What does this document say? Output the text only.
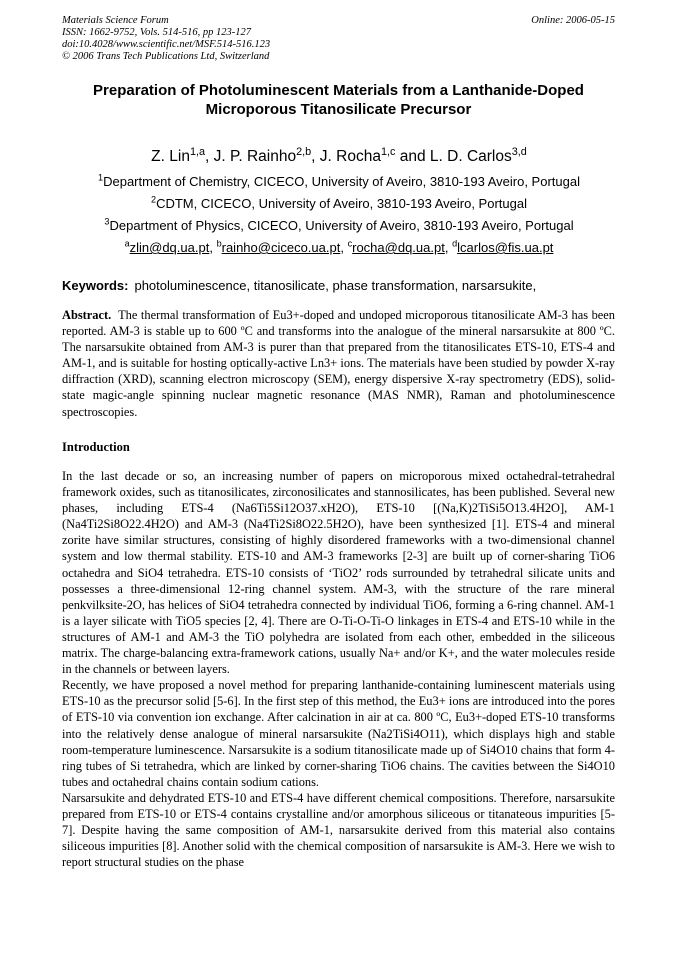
Materials Science Forum
ISSN: 1662-9752, Vols. 514-516, pp 123-127
doi:10.4028/www.scientific.net/MSF.514-516.123
© 2006 Trans Tech Publications Ltd, Switzerland
Online: 2006-05-15
Preparation of Photoluminescent Materials from a Lanthanide-Doped
Microporous Titanosilicate Precursor
Z. Lin$^{1,a}$, J. P. Rainho$^{2,b}$, J. Rocha$^{1,c}$ and L. D. Carlos$^{3,d}$
$^1$Department of Chemistry, CICECO, University of Aveiro, 3810-193 Aveiro, Portugal
$^2$CDTM, CICECO, University of Aveiro, 3810-193 Aveiro, Portugal
$^3$Department of Physics, CICECO, University of Aveiro, 3810-193 Aveiro, Portugal
$^a$zlin@dq.ua.pt, $^b$rainho@ciceco.ua.pt, $^c$rocha@dq.ua.pt, $^d$lcarlos@fis.ua.pt
Keywords: photoluminescence, titanosilicate, phase transformation, narsarsukite,
Abstract. The thermal transformation of Eu3+-doped and undoped microporous titanosilicate AM-3 has been reported. AM-3 is stable up to 600 ºC and transforms into the analogue of the mineral narsarsukite at 800 ºC. The narsarsukite obtained from AM-3 is purer than that prepared from the titanosilicates ETS-10, ETS-4 and AM-1, and is suitable for hosting optically-active Ln3+ ions. The materials have been studied by powder X-ray diffraction (XRD), scanning electron microscopy (SEM), energy dispersive X-ray spectrometry (EDS), solid-state magic-angle spinning nuclear magnetic resonance (MAS NMR), Raman and photoluminescence spectroscopies.
Introduction

In the last decade or so, an increasing number of papers on microporous mixed octahedral-tetrahedral framework oxides, such as titanosilicates, zirconosilicates and stannosilicates, has been published. Several new phases, including ETS-4 (Na6Ti5Si12O37.xH2O), ETS-10 [(Na,K)2TiSi5O13.4H2O], AM-1 (Na4Ti2Si8O22.4H2O) and AM-3 (Na4Ti2Si8O22.5H2O), have been synthesized [1]. ETS-4 and mineral zorite have similar structures, consisting of highly disordered frameworks with a two-dimensional channel system and low thermal stability. ETS-10 and AM-3 frameworks [2-3] are built up of corner-sharing TiO6 octahedra and SiO4 tetrahedra. ETS-10 consists of ‘TiO2’ rods surrounded by tetrahedral silicate units and possesses a three-dimensional 12-ring channel system. AM-3, with the structure of the rare mineral penkvilksite-2O, has helices of SiO4 tetrahedra connected by individual TiO6, forming a 6-ring channel. AM-1 is a layer silicate with TiO5 species [2, 4]. There are O-Ti-O-Ti-O linkages in ETS-4 and ETS-10 while in the structures of AM-1 and AM-3 the TiO polyhedra are isolated from each other, embedded in the siliceous matrix. The charge-balancing extra-framework cations, usually Na+ and/or K+, and the water molecules reside in the channels or between layers.

Recently, we have proposed a novel method for preparing lanthanide-containing luminescent materials using ETS-10 as the precursor solid [5-6]. In the first step of this method, the Eu3+ ions are introduced into the pores of ETS-10 via convention ion exchange. After calcination in air at ca. 800 ºC, Eu3+-doped ETS-10 transforms into the relatively dense analogue of mineral narsarsukite (Na2TiSi4O11), which displays high and stable room-temperature luminescence. Narsarsukite is a sodium titanosilicate made up of Si4O10 chains that form 4-ring tubes of Si tetrahedra, which are linked by corner-sharing TiO6 chains. The cavities between the Si4O10 tubes and octahedral chains contain sodium cations.

Narsarsukite and dehydrated ETS-10 and ETS-4 have different chemical compositions. Therefore, narsarsukite prepared from ETS-10 or ETS-4 contains crystalline and/or amorphous siliceous or titanateous impurities [5-7]. Despite having the same composition of AM-1, narsarsukite derived from this material also contains siliceous impurities [8]. Another solid with the chemical composition of narsarsukite is AM-3. Here we wish to report structural studies on the phase
